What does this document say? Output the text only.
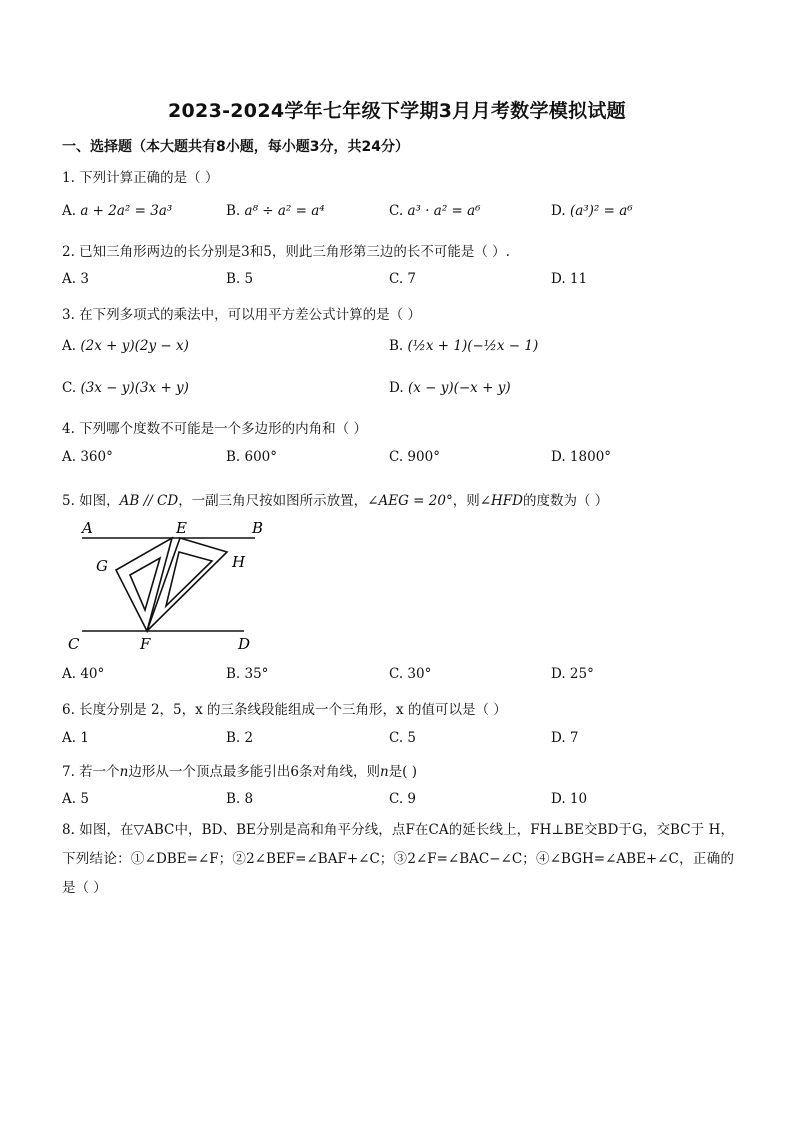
2023-2024学年七年级下学期3月月考数学模拟试题
一、选择题（本大题共有8小题，每小题3分，共24分）
1. 下列计算正确的是（ ）
A. a + 2a² = 3a³	B. a⁸ ÷ a² = a⁴	C. a³ · a² = a⁶	D. (a³)² = a⁶
2. 已知三角形两边的长分别是3和5，则此三角形第三边的长不可能是（ ）.
A. 3	B. 5	C. 7	D. 11
3. 在下列多项式的乘法中，可以用平方差公式计算的是（ ）
A. (2x + y)(2y − x)	B. (½x + 1)(−½x − 1)
C. (3x − y)(3x + y)	D. (x − y)(−x + y)
4. 下列哪个度数不可能是一个多边形的内角和（ ）
A. 360°	B. 600°	C. 900°	D. 1800°
5. 如图，AB // CD，一副三角尺按如图所示放置，∠AEG = 20°，则∠HFD的度数为（ ）
A	E	B
G	H
C	F	D
A. 40°	B. 35°	C. 30°	D. 25°
6. 长度分别是 2，5，x 的三条线段能组成一个三角形，x 的值可以是（ ）
A. 1	B. 2	C. 5	D. 7
7. 若一个n边形从一个顶点最多能引出6条对角线，则n是( )
A. 5	B. 8	C. 9	D. 10
8. 如图，在▽ABC中，BD、BE分别是高和角平分线，点F在CA的延长线上，FH⊥BE交BD于G，交BC于 H，下列结论：①∠DBE=∠F；②2∠BEF=∠BAF+∠C；③2∠F=∠BAC−∠C；④∠BGH=∠ABE+∠C，正确的是（ ）
